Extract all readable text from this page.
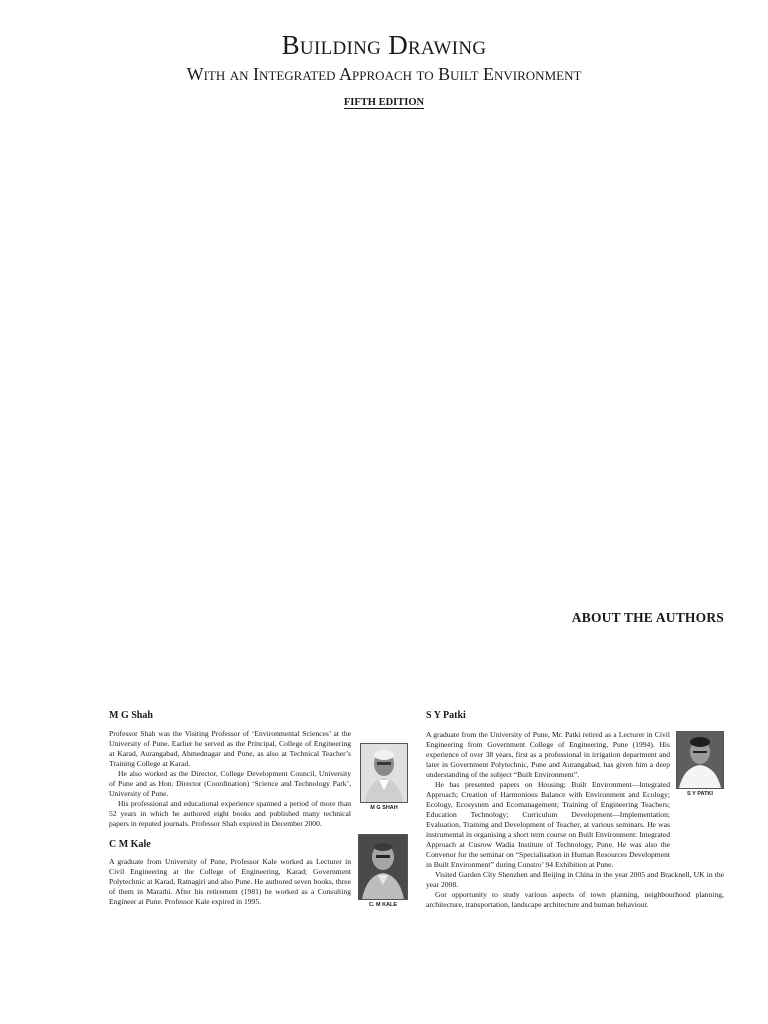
Building Drawing
With an Integrated Approach to Built Environment
FIFTH EDITION
ABOUT THE AUTHORS
M G Shah

Professor Shah was the Visiting Professor of ‘Environmental Sciences’ at the University of Pune. Earlier he served as the Principal, College of Engineering at Karad, Aurangabad, Ahmednagar and Pune, as also at Technical Teacher’s Training College at Karad.

He also worked as the Director, College Development Council, University of Pune and as Hon. Director (Coordination) ‘Science and Technology Park’, University of Pune.

His professional and educational experience spanned a period of more than 52 years in which he authored eight books and published many technical papers in reputed journals. Professor Shah expired in December 2000.

M G SHAH
C M Kale

A graduate from University of Pune, Professor Kale worked as Lecturer in Civil Engineering at the College of Engineering, Karad; Government Polytechnic at Karad, Ratnagiri and also Pune. He authored seven books, three of them in Marathi. After his retirement (1981) he worked as a Consulting Engineer at Pune. Professor Kale expired in 1995.	C. M KALE
S Y Patki

A graduate from the University of Pune, Mr. Patki retired as a Lecturer in Civil Engineering from Government College of Engineering, Pune (1994). His experience of over 38 years, first as a professional in irrigation department and later in Government Polytechnic, Pune and Aurangabad, has given him a deep understanding of the subject “Built Environment”.

He has presented papers on Housing; Built Environment—Integrated Approach; Creation of Harmonious Balance with Environment and Ecology; Ecology, Ecosystem and Ecomanagement; Training of Engineering Teachers; Education Technology; Curriculum Development—Implementation; Evaluation, Training and Development of Teacher, at various seminars. He was instrumental in organising a short term course on Built Environment: Integrated Approach at Cusrow Wadia Institute of Technology, Pune. He was also the Convenor for the seminar on “Specialisation in Human Resources Development in Built Environment” during Constro’ 94 Exhibition at Pune.

Visited Garden City Shenzhen and Beijing in China in the year 2005 and Bracknell, UK in the year 2008.

Got opportunity to study various aspects of town planning, neighbourhood planning, architecture, transportation, landscape architecture and human behaviour.

S Y PATKI
